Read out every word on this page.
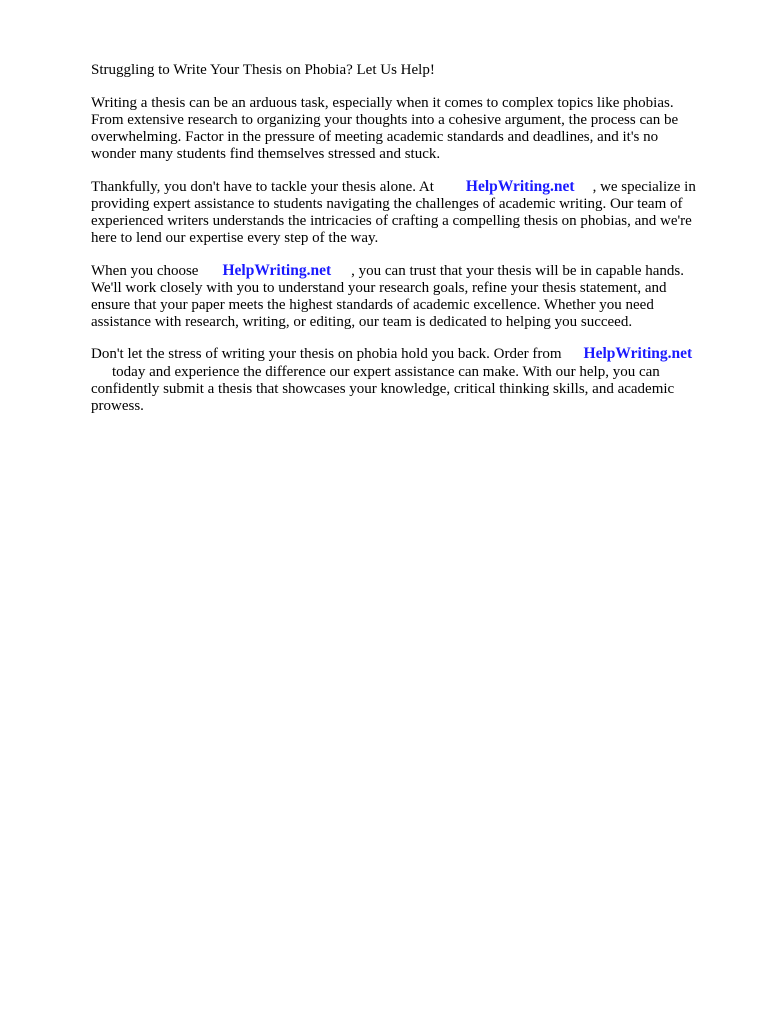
Struggling to Write Your Thesis on Phobia? Let Us Help!

Writing a thesis can be an arduous task, especially when it comes to complex topics like phobias.

From extensive research to organizing your thoughts into a cohesive argument, the process can be

overwhelming. Factor in the pressure of meeting academic standards and deadlines, and it's no

wonder many students find themselves stressed and stuck.

Thankfully, you don't have to tackle your thesis alone. At HelpWriting.net , we specialize in

providing expert assistance to students navigating the challenges of academic writing. Our team of

experienced writers understands the intricacies of crafting a compelling thesis on phobias, and we're

here to lend our expertise every step of the way.

When you choose HelpWriting.net , you can trust that your thesis will be in capable hands.

We'll work closely with you to understand your research goals, refine your thesis statement, and

ensure that your paper meets the highest standards of academic excellence. Whether you need

assistance with research, writing, or editing, our team is dedicated to helping you succeed.

Don't let the stress of writing your thesis on phobia hold you back. Order from HelpWriting.net

today and experience the difference our expert assistance can make. With our help, you can

confidently submit a thesis that showcases your knowledge, critical thinking skills, and academic

prowess.
